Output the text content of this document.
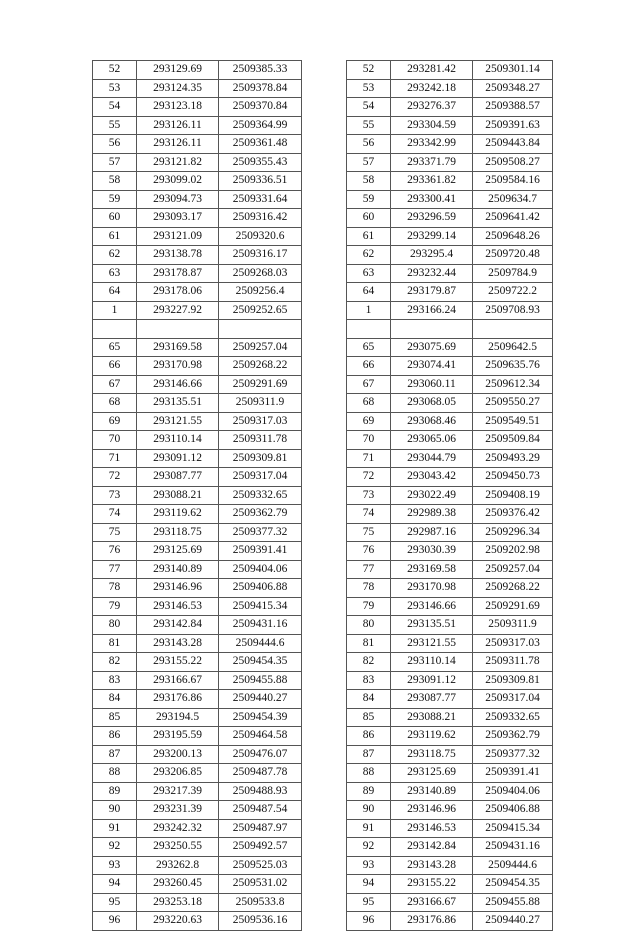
52	293129.69	2509385.33
53	293124.35	2509378.84
54	293123.18	2509370.84
55	293126.11	2509364.99
56	293126.11	2509361.48
57	293121.82	2509355.43
58	293099.02	2509336.51
59	293094.73	2509331.64
60	293093.17	2509316.42
61	293121.09	2509320.6
62	293138.78	2509316.17
63	293178.87	2509268.03
64	293178.06	2509256.4
1	293227.92	2509252.65

65	293169.58	2509257.04
66	293170.98	2509268.22
67	293146.66	2509291.69
68	293135.51	2509311.9
69	293121.55	2509317.03
70	293110.14	2509311.78
71	293091.12	2509309.81
72	293087.77	2509317.04
73	293088.21	2509332.65
74	293119.62	2509362.79
75	293118.75	2509377.32
76	293125.69	2509391.41
77	293140.89	2509404.06
78	293146.96	2509406.88
79	293146.53	2509415.34
80	293142.84	2509431.16
81	293143.28	2509444.6
82	293155.22	2509454.35
83	293166.67	2509455.88
84	293176.86	2509440.27
85	293194.5	2509454.39
86	293195.59	2509464.58
87	293200.13	2509476.07
88	293206.85	2509487.78
89	293217.39	2509488.93
90	293231.39	2509487.54
91	293242.32	2509487.97
92	293250.55	2509492.57
93	293262.8	2509525.03
94	293260.45	2509531.02
95	293253.18	2509533.8
96	293220.63	2509536.16
52	293281.42	2509301.14
53	293242.18	2509348.27
54	293276.37	2509388.57
55	293304.59	2509391.63
56	293342.99	2509443.84
57	293371.79	2509508.27
58	293361.82	2509584.16
59	293300.41	2509634.7
60	293296.59	2509641.42
61	293299.14	2509648.26
62	293295.4	2509720.48
63	293232.44	2509784.9
64	293179.87	2509722.2
1	293166.24	2509708.93

65	293075.69	2509642.5
66	293074.41	2509635.76
67	293060.11	2509612.34
68	293068.05	2509550.27
69	293068.46	2509549.51
70	293065.06	2509509.84
71	293044.79	2509493.29
72	293043.42	2509450.73
73	293022.49	2509408.19
74	292989.38	2509376.42
75	292987.16	2509296.34
76	293030.39	2509202.98
77	293169.58	2509257.04
78	293170.98	2509268.22
79	293146.66	2509291.69
80	293135.51	2509311.9
81	293121.55	2509317.03
82	293110.14	2509311.78
83	293091.12	2509309.81
84	293087.77	2509317.04
85	293088.21	2509332.65
86	293119.62	2509362.79
87	293118.75	2509377.32
88	293125.69	2509391.41
89	293140.89	2509404.06
90	293146.96	2509406.88
91	293146.53	2509415.34
92	293142.84	2509431.16
93	293143.28	2509444.6
94	293155.22	2509454.35
95	293166.67	2509455.88
96	293176.86	2509440.27
